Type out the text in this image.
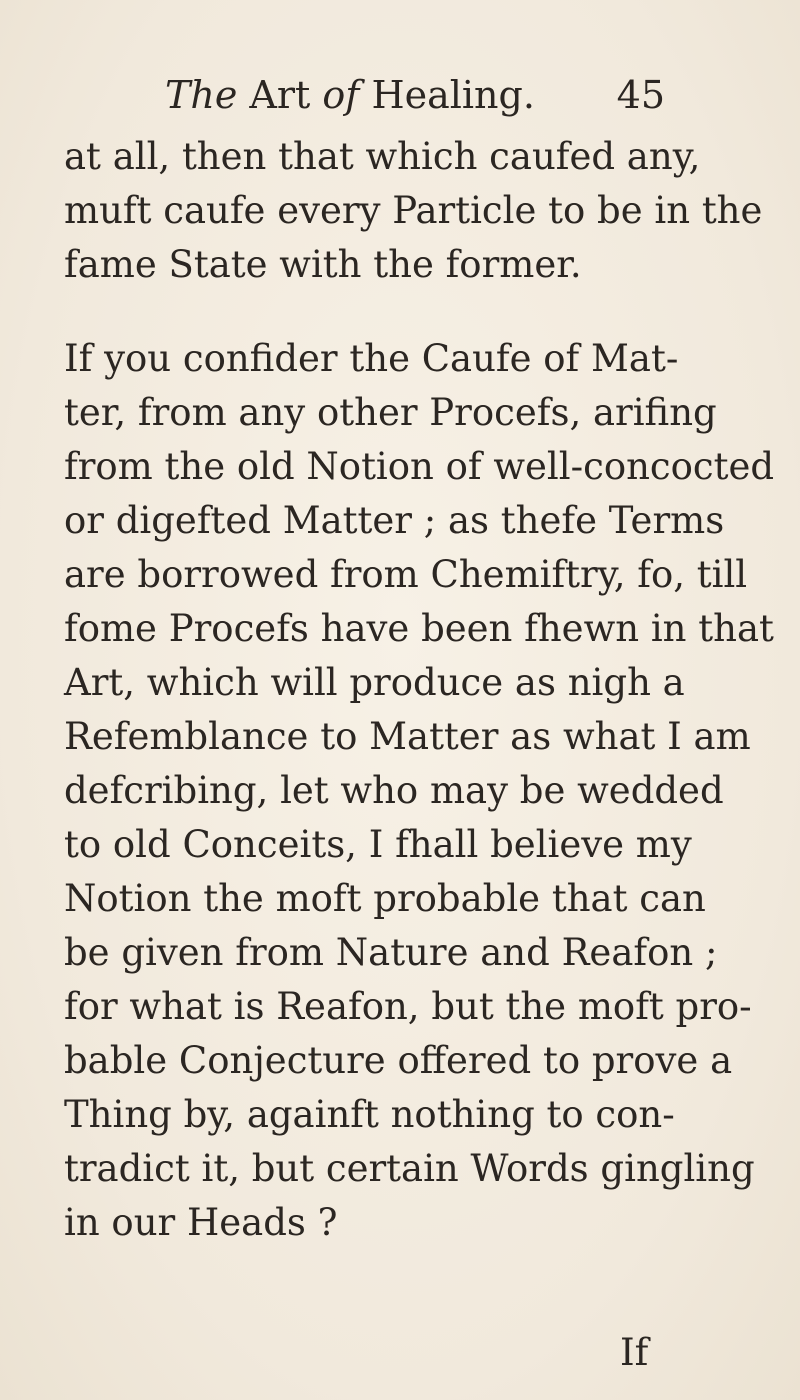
The Art of Healing. 45
at all, then that which caufed any,
muft caufe every Particle to be in the
fame State with the former.
If you confider the Caufe of Mat-
ter, from any other Procefs, arifing
from the old Notion of well-concocted
or digefted Matter ; as thefe Terms
are borrowed from Chemiftry, fo, till
fome Procefs have been fhewn in that
Art, which will produce as nigh a
Refemblance to Matter as what I am
defcribing, let who may be wedded
to old Conceits, I fhall believe my
Notion the moft probable that can
be given from Nature and Reafon ;
for what is Reafon, but the moft pro-
bable Conjecture offered to prove a
Thing by, againft nothing to con-
tradict it, but certain Words gingling
in our Heads ?
If
